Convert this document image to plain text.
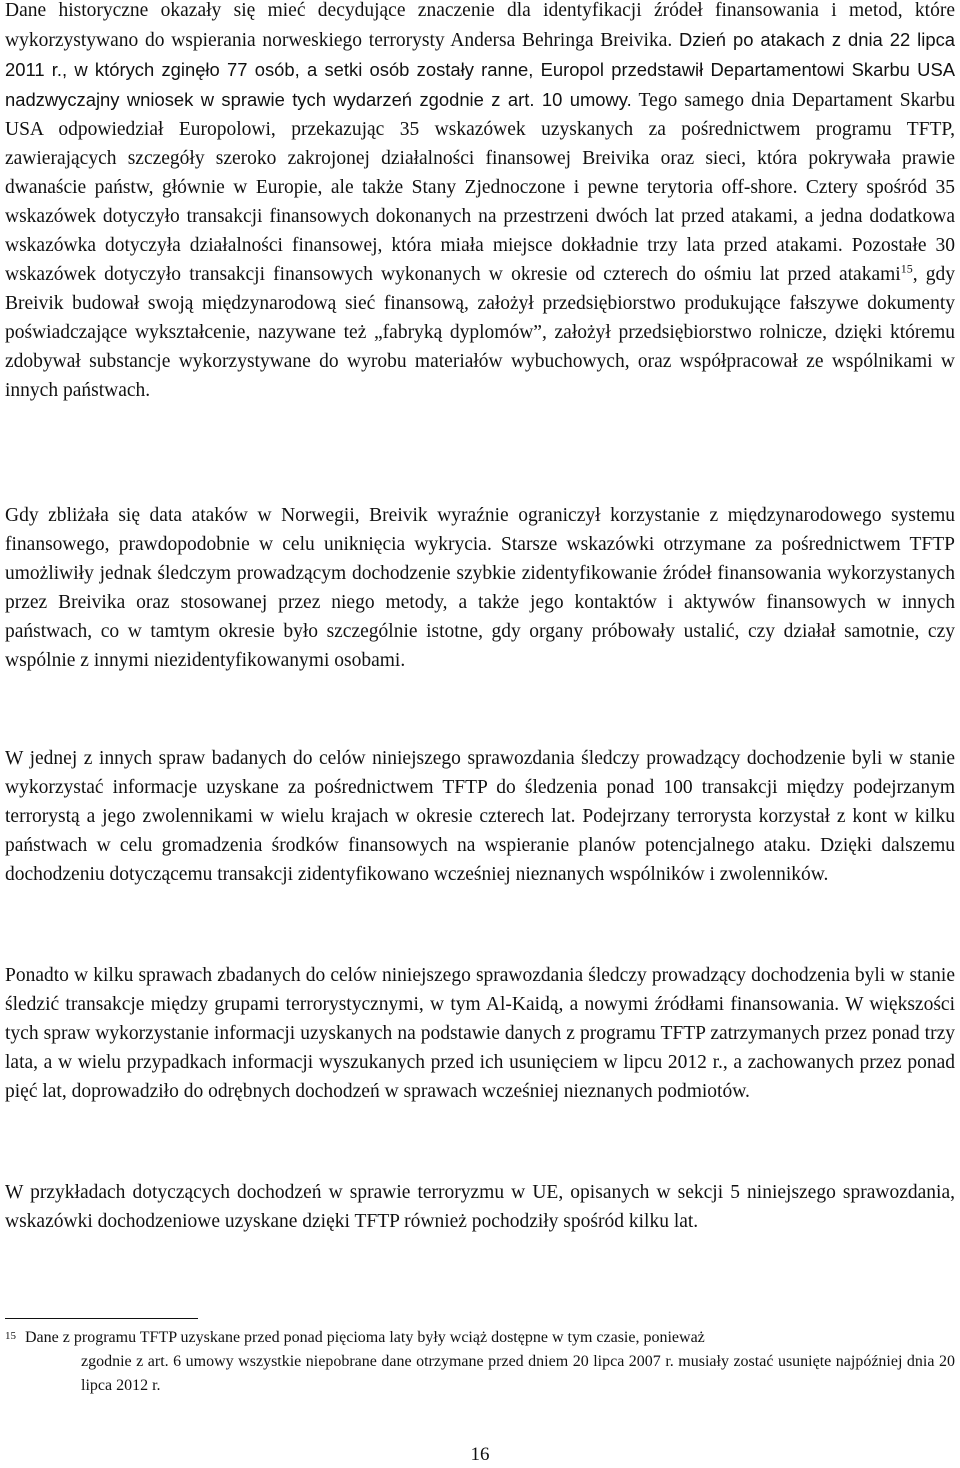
Dane historyczne okazały się mieć decydujące znaczenie dla identyfikacji źródeł finansowania i metod, które wykorzystywano do wspierania norweskiego terrorysty Andersa Behringa Breivika. Dzień po atakach z dnia 22 lipca 2011 r., w których zginęło 77 osób, a setki osób zostały ranne, Europol przedstawił Departamentowi Skarbu USA nadzwyczajny wniosek w sprawie tych wydarzeń zgodnie z art. 10 umowy. Tego samego dnia Departament Skarbu USA odpowiedział Europolowi, przekazując 35 wskazówek uzyskanych za pośrednictwem programu TFTP, zawierających szczegóły szeroko zakrojonej działalności finansowej Breivika oraz sieci, która pokrywała prawie dwanaście państw, głównie w Europie, ale także Stany Zjednoczone i pewne terytoria off-shore. Cztery spośród 35 wskazówek dotyczyło transakcji finansowych dokonanych na przestrzeni dwóch lat przed atakami, a jedna dodatkowa wskazówka dotyczyła działalności finansowej, która miała miejsce dokładnie trzy lata przed atakami. Pozostałe 30 wskazówek dotyczyło transakcji finansowych wykonanych w okresie od czterech do ośmiu lat przed atakami$^{15}$, gdy Breivik budował swoją międzynarodową sieć finansową, założył przedsiębiorstwo produkujące fałszywe dokumenty poświadczające wykształcenie, nazywane też „fabryką dyplomów”, założył przedsiębiorstwo rolnicze, dzięki któremu zdobywał substancje wykorzystywane do wyrobu materiałów wybuchowych, oraz współpracował ze wspólnikami w innych państwach.

Gdy zbliżała się data ataków w Norwegii, Breivik wyraźnie ograniczył korzystanie z międzynarodowego systemu finansowego, prawdopodobnie w celu uniknięcia wykrycia. Starsze wskazówki otrzymane za pośrednictwem TFTP umożliwiły jednak śledczym prowadzącym dochodzenie szybkie zidentyfikowanie źródeł finansowania wykorzystanych przez Breivika oraz stosowanej przez niego metody, a także jego kontaktów i aktywów finansowych w innych państwach, co w tamtym okresie było szczególnie istotne, gdy organy próbowały ustalić, czy działał samotnie, czy wspólnie z innymi niezidentyfikowanymi osobami.

W jednej z innych spraw badanych do celów niniejszego sprawozdania śledczy prowadzący dochodzenie byli w stanie wykorzystać informacje uzyskane za pośrednictwem TFTP do śledzenia ponad 100 transakcji między podejrzanym terrorystą a jego zwolennikami w wielu krajach w okresie czterech lat. Podejrzany terrorysta korzystał z kont w kilku państwach w celu gromadzenia środków finansowych na wspieranie planów potencjalnego ataku. Dzięki dalszemu dochodzeniu dotyczącemu transakcji zidentyfikowano wcześniej nieznanych wspólników i zwolenników.

Ponadto w kilku sprawach zbadanych do celów niniejszego sprawozdania śledczy prowadzący dochodzenia byli w stanie śledzić transakcje między grupami terrorystycznymi, w tym Al-Kaidą, a nowymi źródłami finansowania. W większości tych spraw wykorzystanie informacji uzyskanych na podstawie danych z programu TFTP zatrzymanych przez ponad trzy lata, a w wielu przypadkach informacji wyszukanych przed ich usunięciem w lipcu 2012 r., a zachowanych przez ponad pięć lat, doprowadziło do odrębnych dochodzeń w sprawach wcześniej nieznanych podmiotów.

W przykładach dotyczących dochodzeń w sprawie terroryzmu w UE, opisanych w sekcji 5 niniejszego sprawozdania, wskazówki dochodzeniowe uzyskane dzięki TFTP również pochodziły spośród kilku lat.

15 Dane z programu TFTP uzyskane przed ponad pięcioma laty były wciąż dostępne w tym czasie, ponieważ
zgodnie z art. 6 umowy wszystkie niepobrane dane otrzymane przed dniem 20 lipca 2007 r. musiały zostać usunięte najpóźniej dnia 20 lipca 2012 r.
16
